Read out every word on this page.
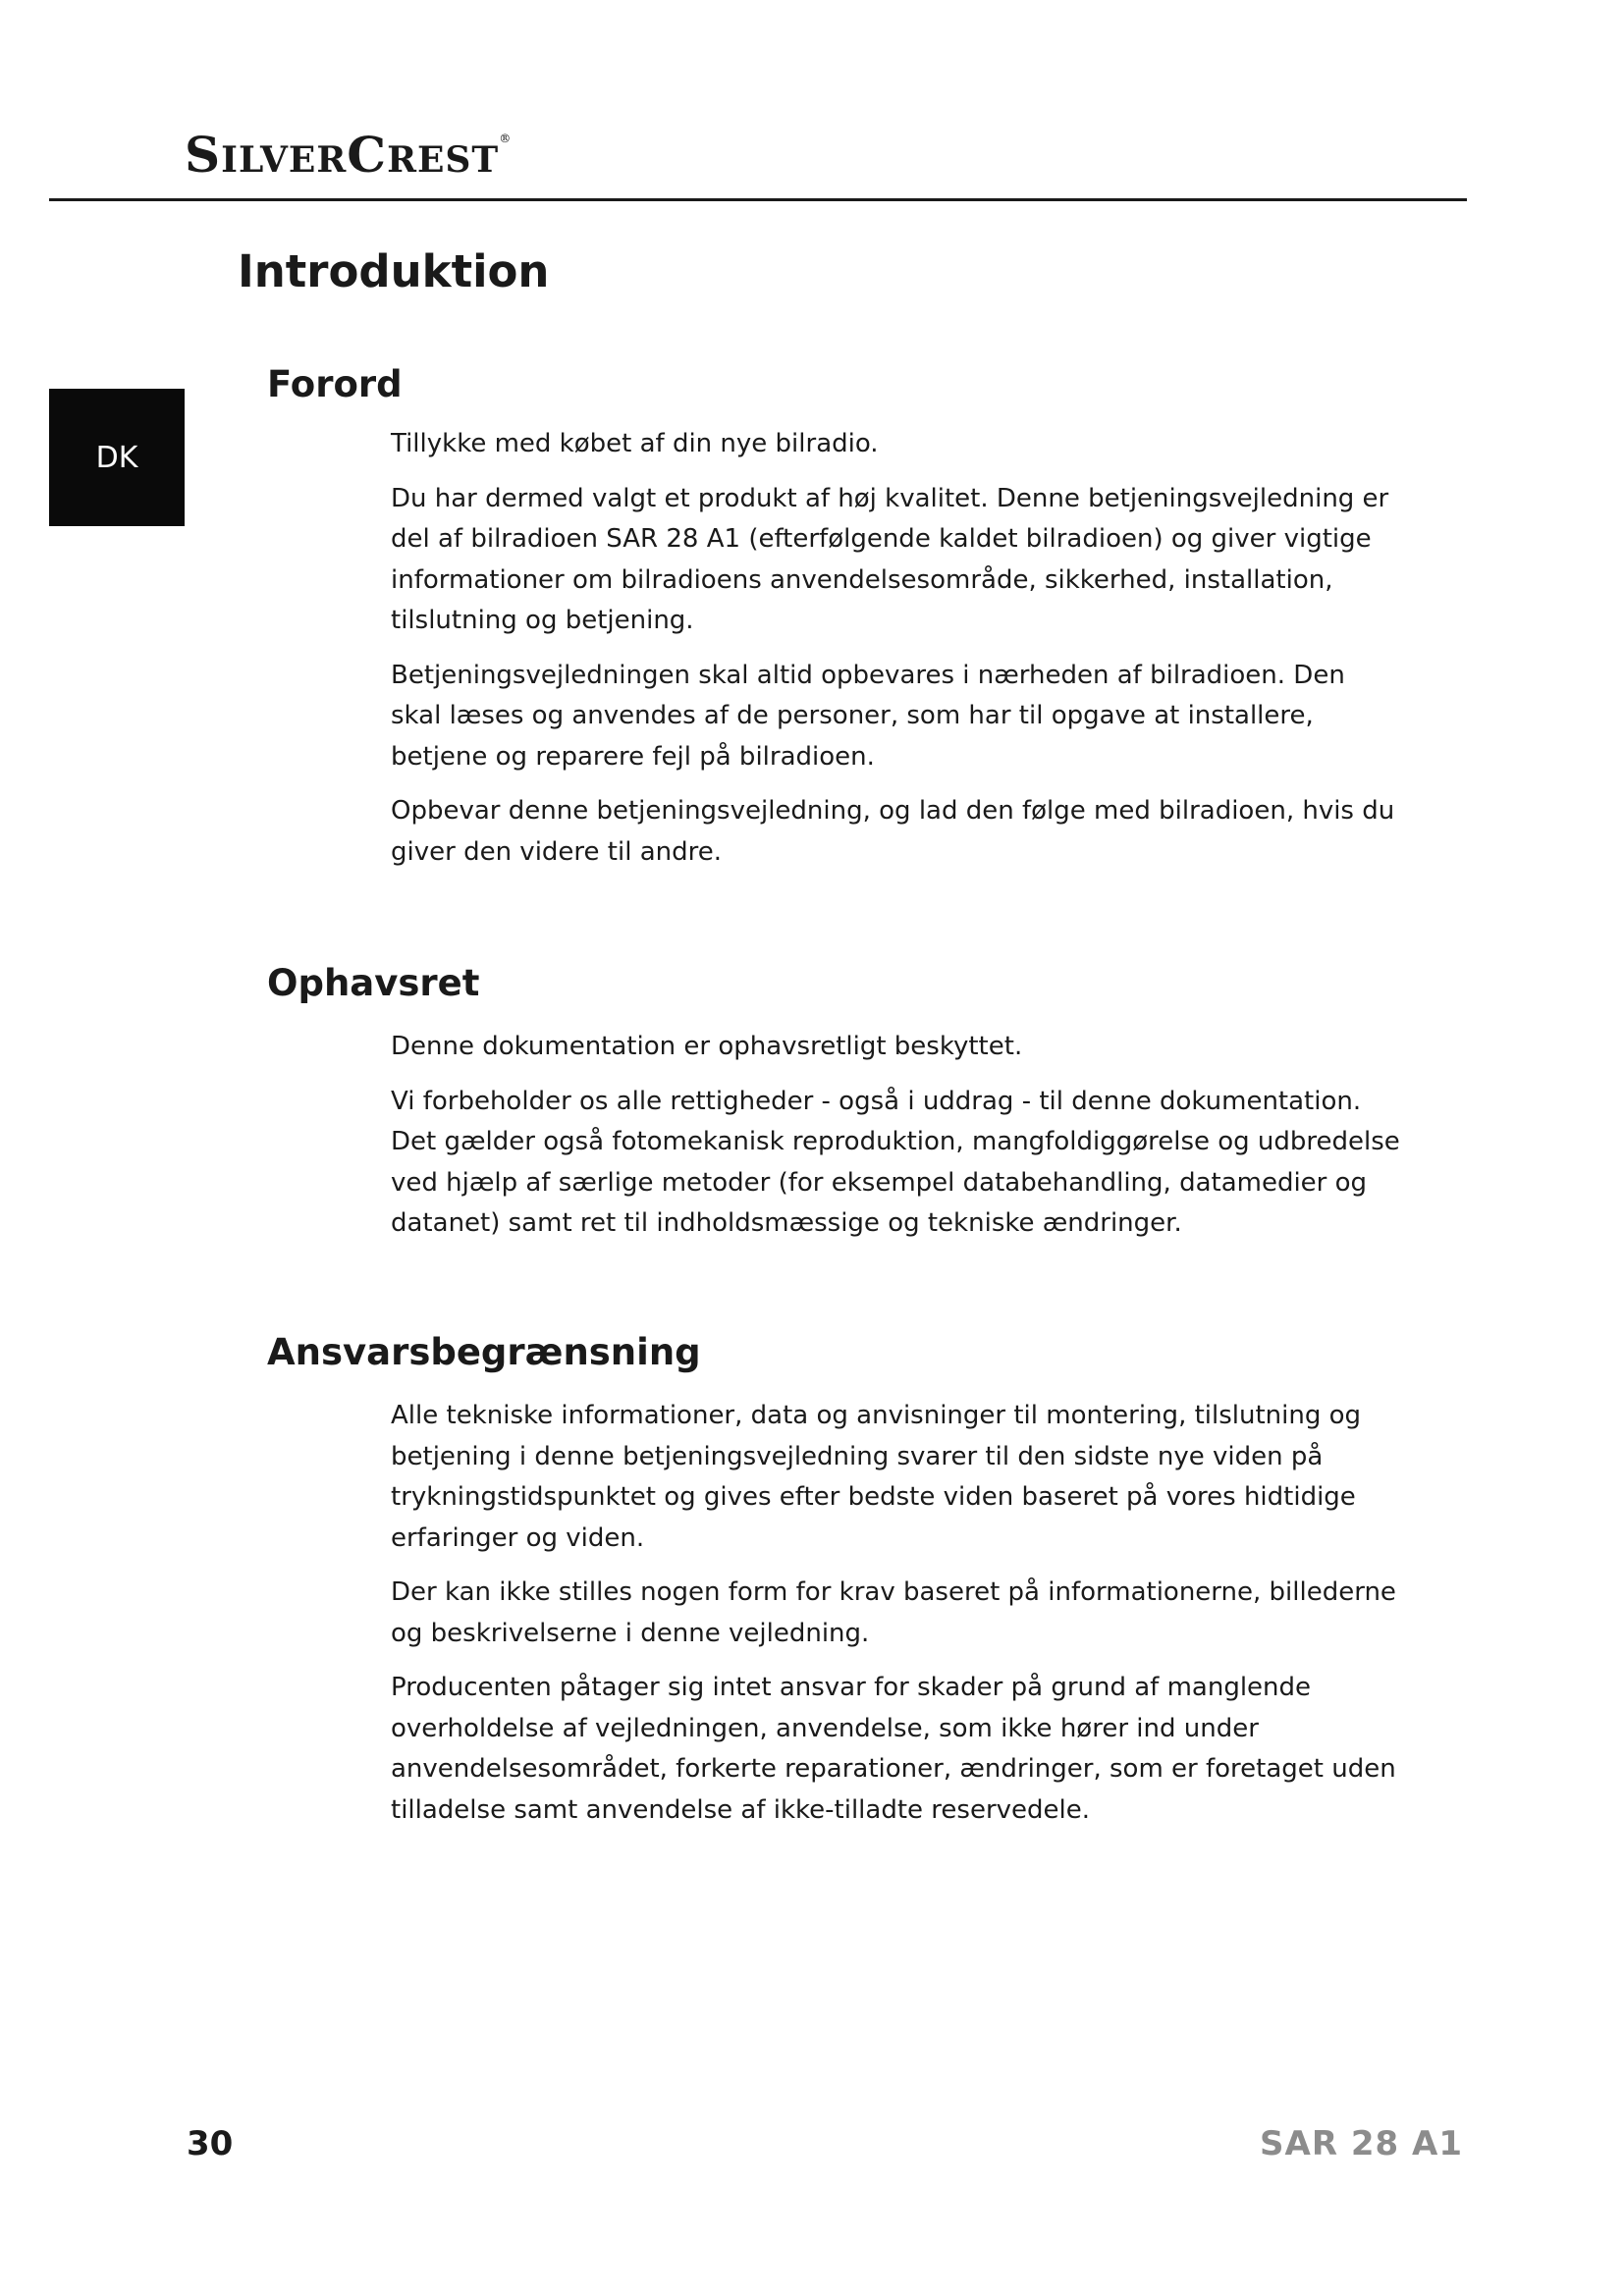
SILVERCREST®
Introduktion
DK
Forord

Tillykke med købet af din nye bilradio.

Du har dermed valgt et produkt af høj kvalitet. Denne betjeningsvejledning er del af bilradioen SAR 28 A1 (efterfølgende kaldet bilradioen) og giver vigtige informationer om bilradioens anvendelsesområde, sikkerhed, installation, tilslutning og betjening.

Betjeningsvejledningen skal altid opbevares i nærheden af bilradioen. Den skal læses og anvendes af de personer, som har til opgave at installere, betjene og reparere fejl på bilradioen.

Opbevar denne betjeningsvejledning, og lad den følge med bilradioen, hvis du giver den videre til andre.

Ophavsret

Denne dokumentation er ophavsretligt beskyttet.

Vi forbeholder os alle rettigheder - også i uddrag - til denne dokumentation. Det gælder også fotomekanisk reproduktion, mangfoldiggørelse og udbredelse ved hjælp af særlige metoder (for eksempel databehandling, datamedier og datanet) samt ret til indholdsmæssige og tekniske ændringer.

Ansvarsbegrænsning

Alle tekniske informationer, data og anvisninger til montering, tilslutning og betjening i denne betjeningsvejledning svarer til den sidste nye viden på trykningstidspunktet og gives efter bedste viden baseret på vores hidtidige erfaringer og viden.

Der kan ikke stilles nogen form for krav baseret på informationerne, billederne og beskrivelserne i denne vejledning.

Producenten påtager sig intet ansvar for skader på grund af manglende overholdelse af vejledningen, anvendelse, som ikke hører ind under anvendelsesområdet, forkerte reparationer, ændringer, som er foretaget uden tilladelse samt anvendelse af ikke-tilladte reservedele.

30	SAR 28 A1
